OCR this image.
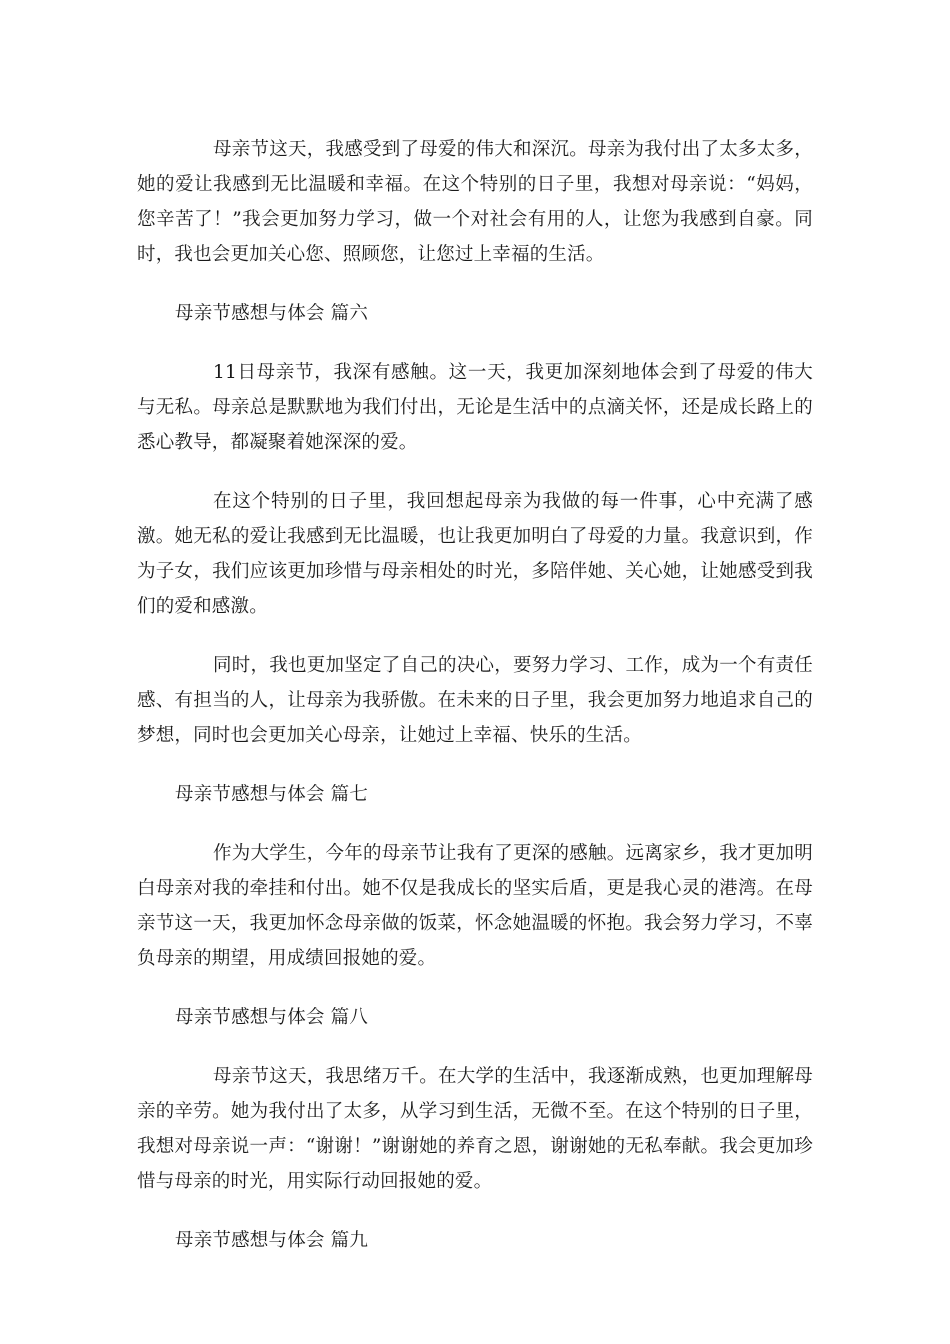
母亲节这天，我感受到了母爱的伟大和深沉。母亲为我付出了太多太多，她的爱让我感到无比温暖和幸福。在这个特别的日子里，我想对母亲说：“妈妈，您辛苦了！”我会更加努力学习，做一个对社会有用的人，让您为我感到自豪。同时，我也会更加关心您、照顾您，让您过上幸福的生活。

母亲节感想与体会 篇六

11日母亲节，我深有感触。这一天，我更加深刻地体会到了母爱的伟大与无私。母亲总是默默地为我们付出，无论是生活中的点滴关怀，还是成长路上的悉心教导，都凝聚着她深深的爱。

在这个特别的日子里，我回想起母亲为我做的每一件事，心中充满了感激。她无私的爱让我感到无比温暖，也让我更加明白了母爱的力量。我意识到，作为子女，我们应该更加珍惜与母亲相处的时光，多陪伴她、关心她，让她感受到我们的爱和感激。

同时，我也更加坚定了自己的决心，要努力学习、工作，成为一个有责任感、有担当的人，让母亲为我骄傲。在未来的日子里，我会更加努力地追求自己的梦想，同时也会更加关心母亲，让她过上幸福、快乐的生活。

母亲节感想与体会 篇七

作为大学生，今年的母亲节让我有了更深的感触。远离家乡，我才更加明白母亲对我的牵挂和付出。她不仅是我成长的坚实后盾，更是我心灵的港湾。在母亲节这一天，我更加怀念母亲做的饭菜，怀念她温暖的怀抱。我会努力学习，不辜负母亲的期望，用成绩回报她的爱。

母亲节感想与体会 篇八

母亲节这天，我思绪万千。在大学的生活中，我逐渐成熟，也更加理解母亲的辛劳。她为我付出了太多，从学习到生活，无微不至。在这个特别的日子里，我想对母亲说一声：“谢谢！”谢谢她的养育之恩，谢谢她的无私奉献。我会更加珍惜与母亲的时光，用实际行动回报她的爱。

母亲节感想与体会 篇九
